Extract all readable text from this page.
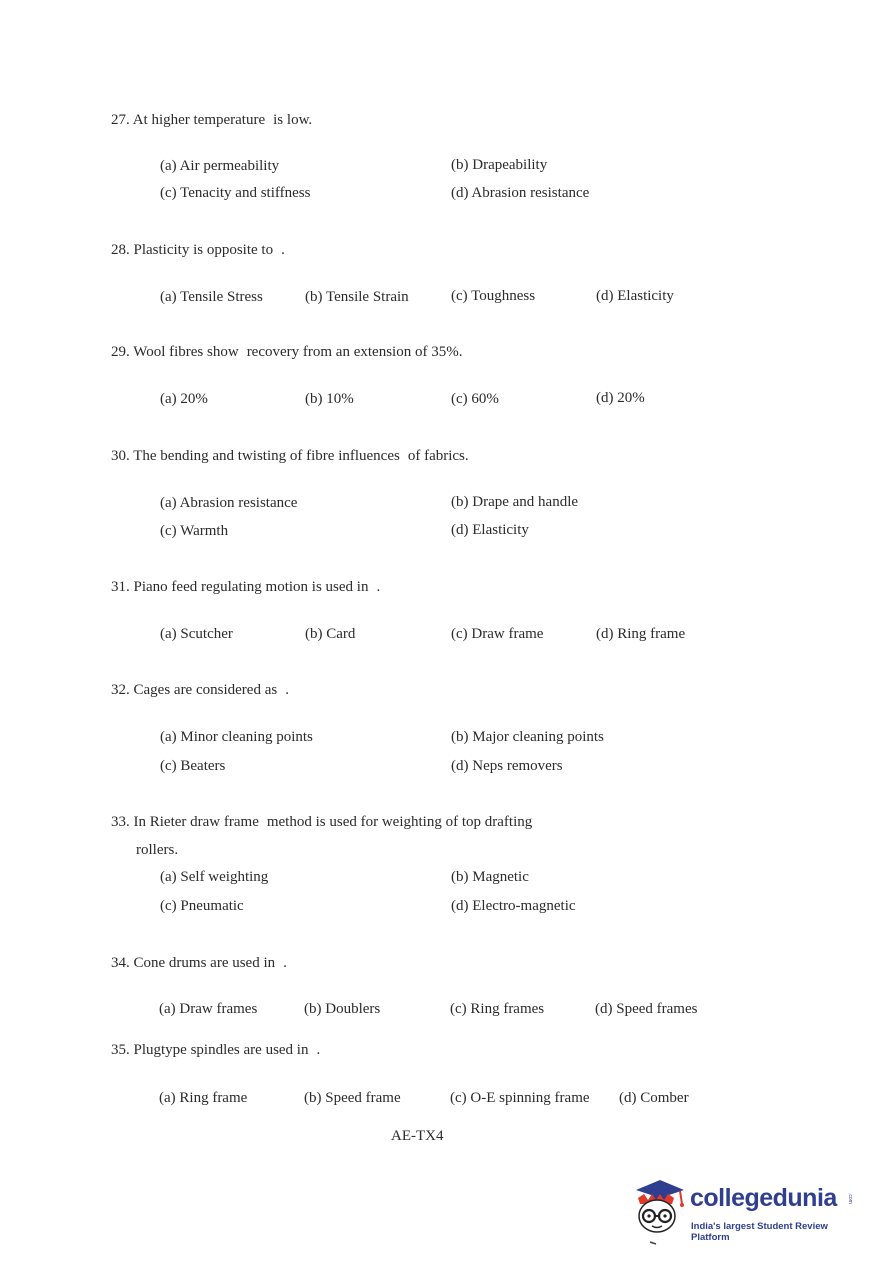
27. At higher temperature is low.
(a) Air permeability	(b) Drapeability
(c) Tenacity and stiffness	(d) Abrasion resistance
28. Plasticity is opposite to .
(a) Tensile Stress	(b) Tensile Strain	(c) Toughness	(d) Elasticity
29. Wool fibres show recovery from an extension of 35%.
(a) 20%	(b) 10%	(c) 60%	(d) 20%
30. The bending and twisting of fibre influences of fabrics.
(a) Abrasion resistance	(b) Drape and handle
(c) Warmth	(d) Elasticity
31. Piano feed regulating motion is used in .
(a) Scutcher	(b) Card	(c) Draw frame	(d) Ring frame
32. Cages are considered as .
(a) Minor cleaning points	(b) Major cleaning points
(c) Beaters	(d) Neps removers
33. In Rieter draw frame method is used for weighting of top drafting
rollers.
(a) Self weighting	(b) Magnetic
(c) Pneumatic	(d) Electro-magnetic
34. Cone drums are used in .
(a) Draw frames	(b) Doublers	(c) Ring frames	(d) Speed frames
35. Plugtype spindles are used in .
(a) Ring frame	(b) Speed frame	(c) O-E spinning frame (d) Comber
AE-TX4
collegedunia .com
India's largest Student Review Platform
